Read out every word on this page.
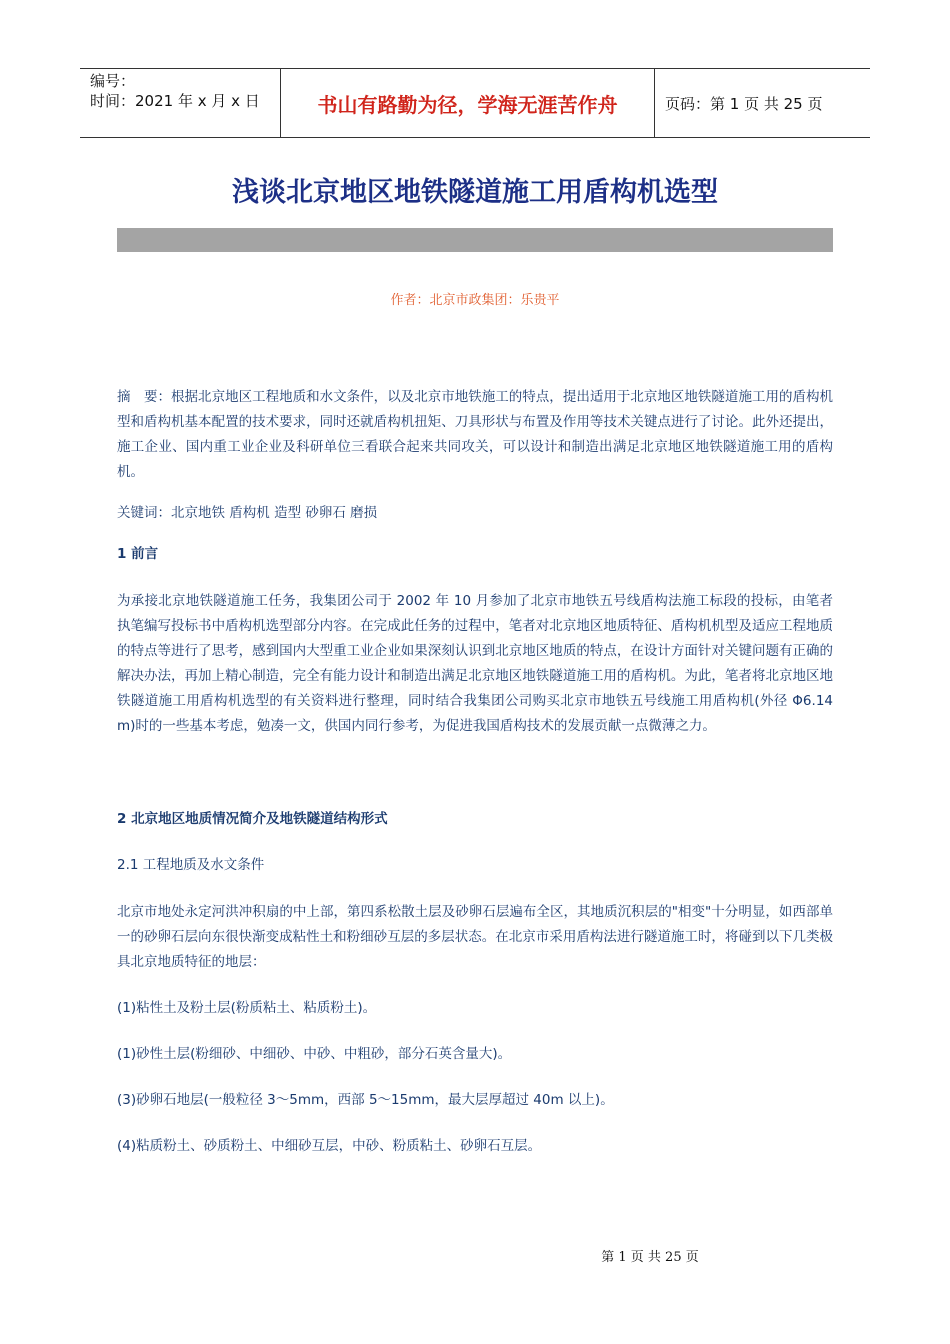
编号：
时间：2021 年 x 月 x 日	书山有路勤为径，学海无涯苦作舟	页码：第 1 页 共 25 页
浅谈北京地区地铁隧道施工用盾构机选型
作者：北京市政集团：乐贵平

摘　要：根据北京地区工程地质和水文条件，以及北京市地铁施工的特点，提出适用于北京地区地铁隧道施工用的盾构机型和盾构机基本配置的技术要求，同时还就盾构机扭矩、刀具形状与布置及作用等技术关键点进行了讨论。此外还提出，施工企业、国内重工业企业及科研单位三看联合起来共同攻关，可以设计和制造出满足北京地区地铁隧道施工用的盾构机。

关键词：北京地铁 盾构机 造型 砂卵石 磨损

1 前言

为承接北京地铁隧道施工任务，我集团公司于 2002 年 10 月参加了北京市地铁五号线盾构法施工标段的投标，由笔者执笔编写投标书中盾构机选型部分内容。在完成此任务的过程中，笔者对北京地区地质特征、盾构机机型及适应工程地质的特点等进行了思考，感到国内大型重工业企业如果深刻认识到北京地区地质的特点，在设计方面针对关键问题有正确的解决办法，再加上精心制造，完全有能力设计和制造出满足北京地区地铁隧道施工用的盾构机。为此，笔者将北京地区地铁隧道施工用盾构机选型的有关资料进行整理，同时结合我集团公司购买北京市地铁五号线施工用盾构机(外径 Φ6.14 m)时的一些基本考虑，勉凑一文，供国内同行参考，为促进我国盾构技术的发展贡献一点微薄之力。

2 北京地区地质情况简介及地铁隧道结构形式

2.1 工程地质及水文条件

北京市地处永定河洪冲积扇的中上部，第四系松散土层及砂卵石层遍布全区，其地质沉积层的"相变"十分明显，如西部单一的砂卵石层向东很快渐变成粘性土和粉细砂互层的多层状态。在北京市采用盾构法进行隧道施工时，将碰到以下几类极具北京地质特征的地层：

(1)粘性土及粉土层(粉质粘土、粘质粉土)。

(1)砂性土层(粉细砂、中细砂、中砂、中粗砂，部分石英含量大)。

(3)砂卵石地层(一般粒径 3～5mm，西部 5～15mm，最大层厚超过 40m 以上)。

(4)粘质粉土、砂质粉土、中细砂互层，中砂、粉质粘土、砂卵石互层。

第 1 页 共 25 页
